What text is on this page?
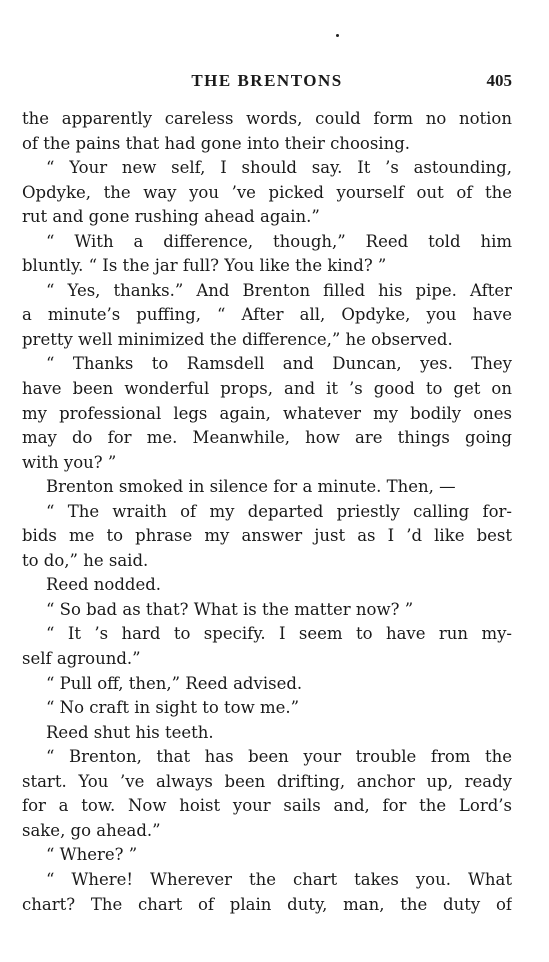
THE BRENTONS	405
the apparently careless words, could form no notion
of the pains that had gone into their choosing.
“ Your new self, I should say. It ’s astounding,
Opdyke, the way you ’ve picked yourself out of the
rut and gone rushing ahead again.”
“ With a difference, though,” Reed told him
bluntly. “ Is the jar full? You like the kind? ”
“ Yes, thanks.” And Brenton filled his pipe. After
a minute’s puffing, “ After all, Opdyke, you have
pretty well minimized the difference,” he observed.
“ Thanks to Ramsdell and Duncan, yes. They
have been wonderful props, and it ’s good to get on
my professional legs again, whatever my bodily ones
may do for me. Meanwhile, how are things going
with you? ”
Brenton smoked in silence for a minute. Then, —
“ The wraith of my departed priestly calling for-
bids me to phrase my answer just as I ’d like best
to do,” he said.
Reed nodded.
“ So bad as that? What is the matter now? ”
“ It ’s hard to specify. I seem to have run my-
self aground.”
“ Pull off, then,” Reed advised.
“ No craft in sight to tow me.”
Reed shut his teeth.
“ Brenton, that has been your trouble from the
start. You ’ve always been drifting, anchor up, ready
for a tow. Now hoist your sails and, for the Lord’s
sake, go ahead.”
“ Where? ”
“ Where! Wherever the chart takes you. What
chart? The chart of plain duty, man, the duty of
